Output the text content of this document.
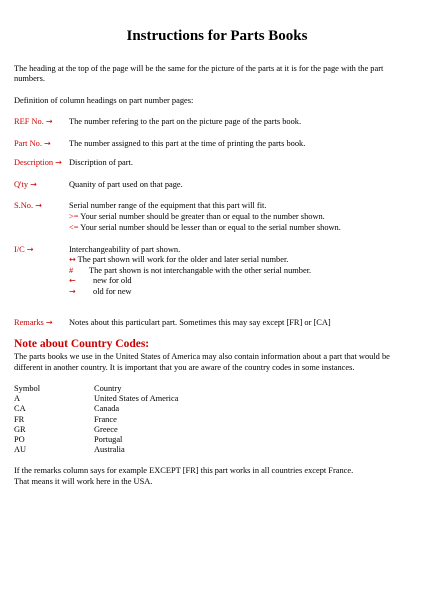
Instructions for Parts Books
The heading at the top of the page will be the same for the picture of the parts at it is for the page with the part
numbers.
Definition of column headings on part number pages:
REF No. → The number refering to the part on the picture page of the parts book.
Part No. → The number assigned to this part at the time of printing the parts book.
Description → Discription of part.
Q'ty →	Quanity of part used on that page.
S.No. →	Serial number range of the equipment that this part will fit.
>= Your serial number should be greater than or equal to the number shown.
<= Your serial number should be lesser than or equal to the serial number shown.
I/C →	Interchangeability of part shown.
↔ The part shown will work for the older and later serial number.
# The part shown is not interchangable with the other serial number.
← new for old
→ old for new
Remarks → Notes about this particulart part. Sometimes this may say except [FR] or [CA]
Note about Country Codes:
The parts books we use in the United States of America may also contain information about a part that would be
different in another country. It is important that you are aware of the country codes in some instances.
Symbol	Country
A	United States of America
CA	Canada
FR	France
GR	Greece
PO	Portugal
AU	Australia
If the remarks column says for example EXCEPT [FR] this part works in all countries except France.
That means it will work here in the USA.
